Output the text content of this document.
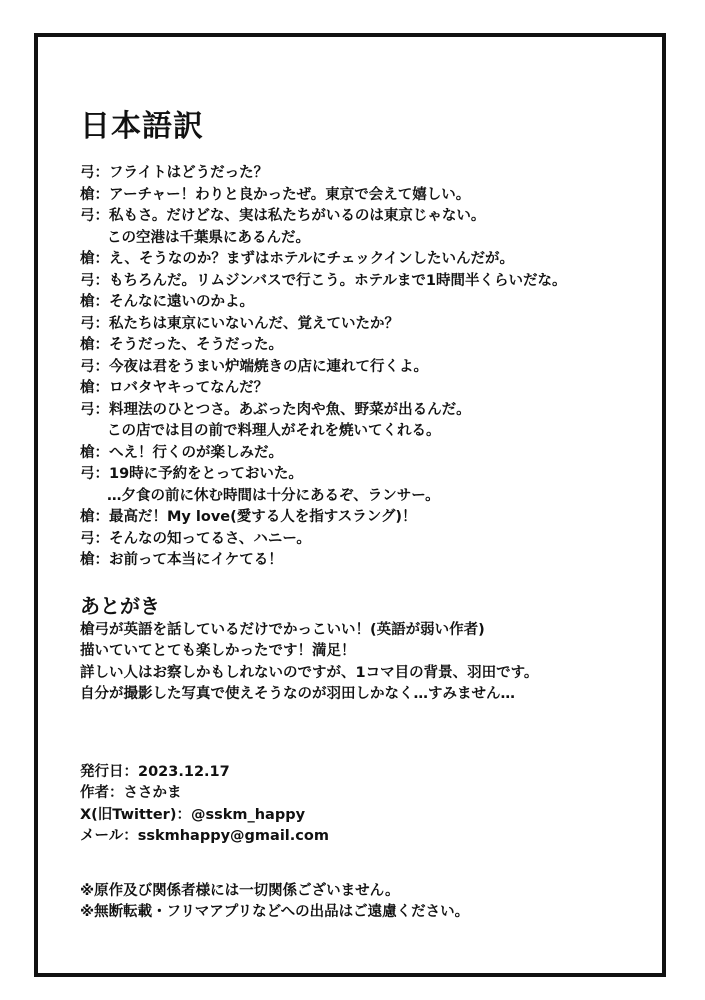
日本語訳
弓：フライトはどうだった？
槍：アーチャー！わりと良かったぜ。東京で会えて嬉しい。
弓：私もさ。だけどな、実は私たちがいるのは東京じゃない。
この空港は千葉県にあるんだ。
槍：え、そうなのか？まずはホテルにチェックインしたいんだが。
弓：もちろんだ。リムジンバスで行こう。ホテルまで1時間半くらいだな。
槍：そんなに遠いのかよ。
弓：私たちは東京にいないんだ、覚えていたか？
槍：そうだった、そうだった。
弓：今夜は君をうまい炉端焼きの店に連れて行くよ。
槍：ロバタヤキってなんだ？
弓：料理法のひとつさ。あぶった肉や魚、野菜が出るんだ。
この店では目の前で料理人がそれを焼いてくれる。
槍：へえ！行くのが楽しみだ。
弓：19時に予約をとっておいた。
…夕食の前に休む時間は十分にあるぞ、ランサー。
槍：最高だ！My love(愛する人を指すスラング)！
弓：そんなの知ってるさ、ハニー。
槍：お前って本当にイケてる！
あとがき
槍弓が英語を話しているだけでかっこいい！(英語が弱い作者)
描いていてとても楽しかったです！満足！
詳しい人はお察しかもしれないのですが、1コマ目の背景、羽田です。
自分が撮影した写真で使えそうなのが羽田しかなく…すみません…
発行日：2023.12.17
作者：ささかま
X(旧Twitter)：@sskm_happy
メール：sskmhappy@gmail.com
※原作及び関係者様には一切関係ございません。
※無断転載・フリマアプリなどへの出品はご遠慮ください。
